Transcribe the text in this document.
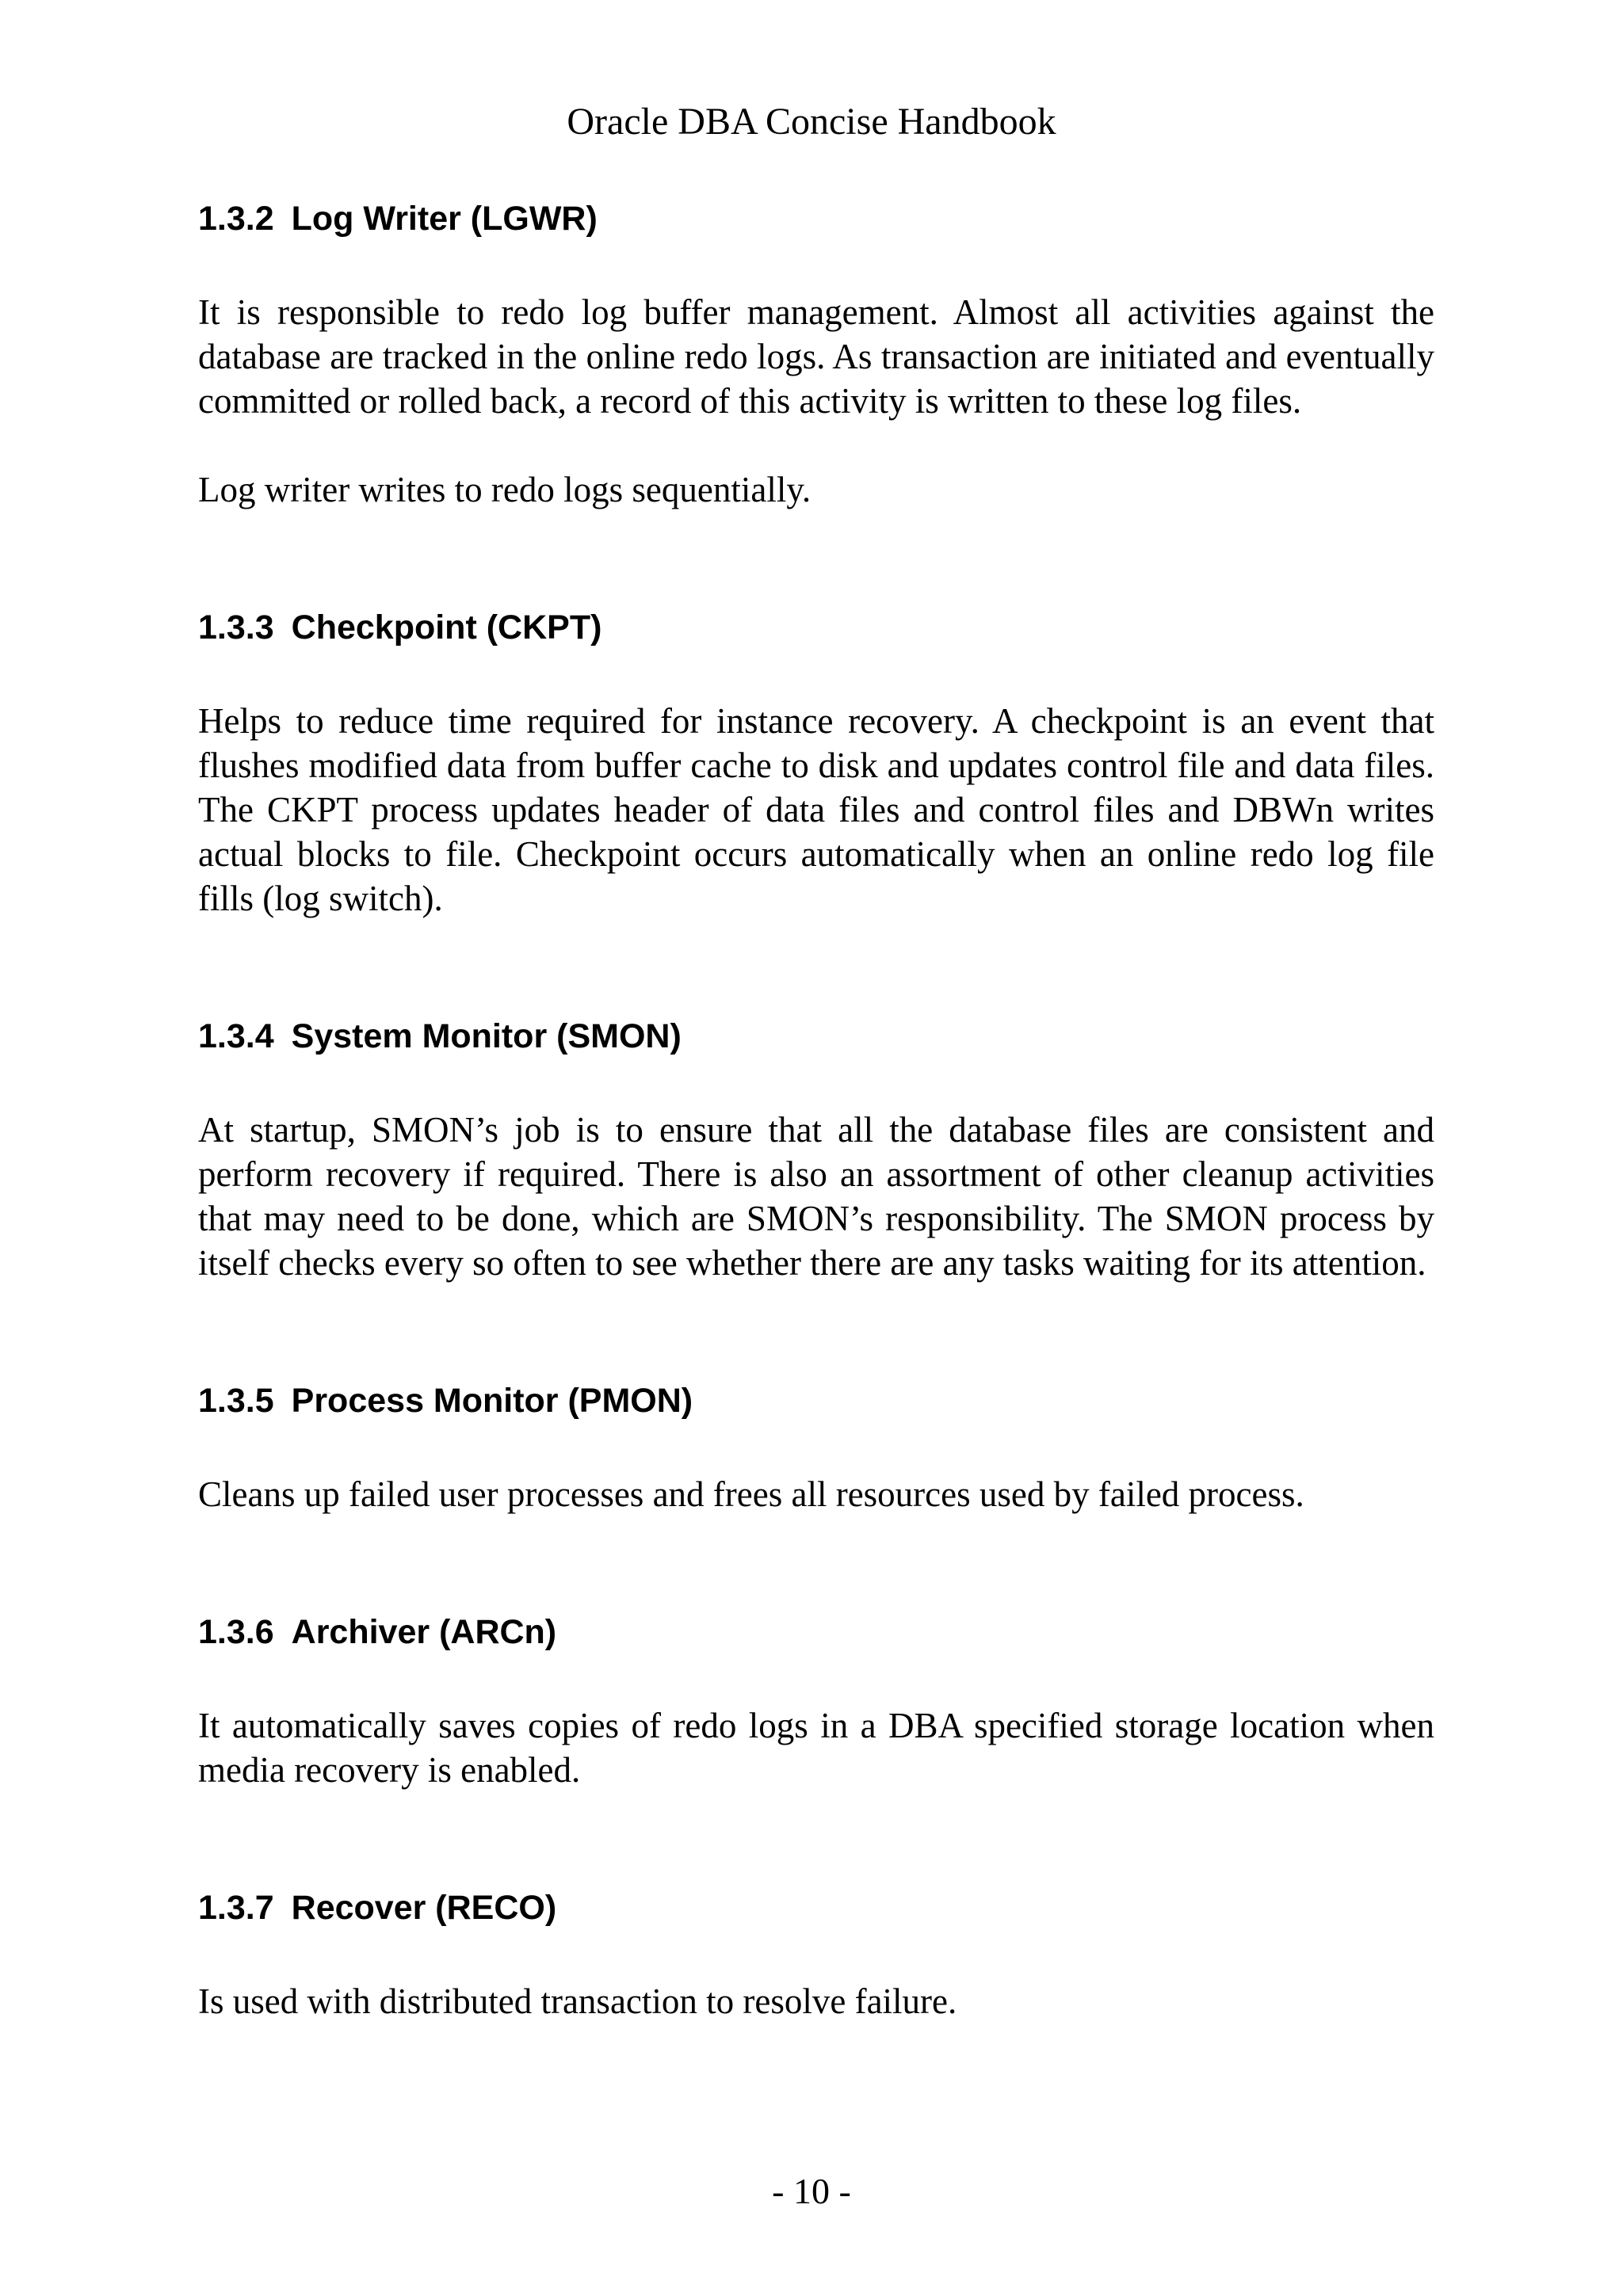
Oracle DBA Concise Handbook
1.3.2 Log Writer (LGWR)

It is responsible to redo log buffer management. Almost all activities against the database are tracked in the online redo logs. As transaction are initiated and eventually committed or rolled back, a record of this activity is written to these log files.

Log writer writes to redo logs sequentially.

1.3.3 Checkpoint (CKPT)

Helps to reduce time required for instance recovery. A checkpoint is an event that flushes modified data from buffer cache to disk and updates control file and data files. The CKPT process updates header of data files and control files and DBWn writes actual blocks to file. Checkpoint occurs automatically when an online redo log file fills (log switch).

1.3.4 System Monitor (SMON)

At startup, SMON’s job is to ensure that all the database files are consistent and perform recovery if required. There is also an assortment of other cleanup activities that may need to be done, which are SMON’s responsibility. The SMON process by itself checks every so often to see whether there are any tasks waiting for its attention.

1.3.5 Process Monitor (PMON)

Cleans up failed user processes and frees all resources used by failed process.

1.3.6 Archiver (ARCn)

It automatically saves copies of redo logs in a DBA specified storage location when media recovery is enabled.

1.3.7 Recover (RECO)

Is used with distributed transaction to resolve failure.

- 10 -
